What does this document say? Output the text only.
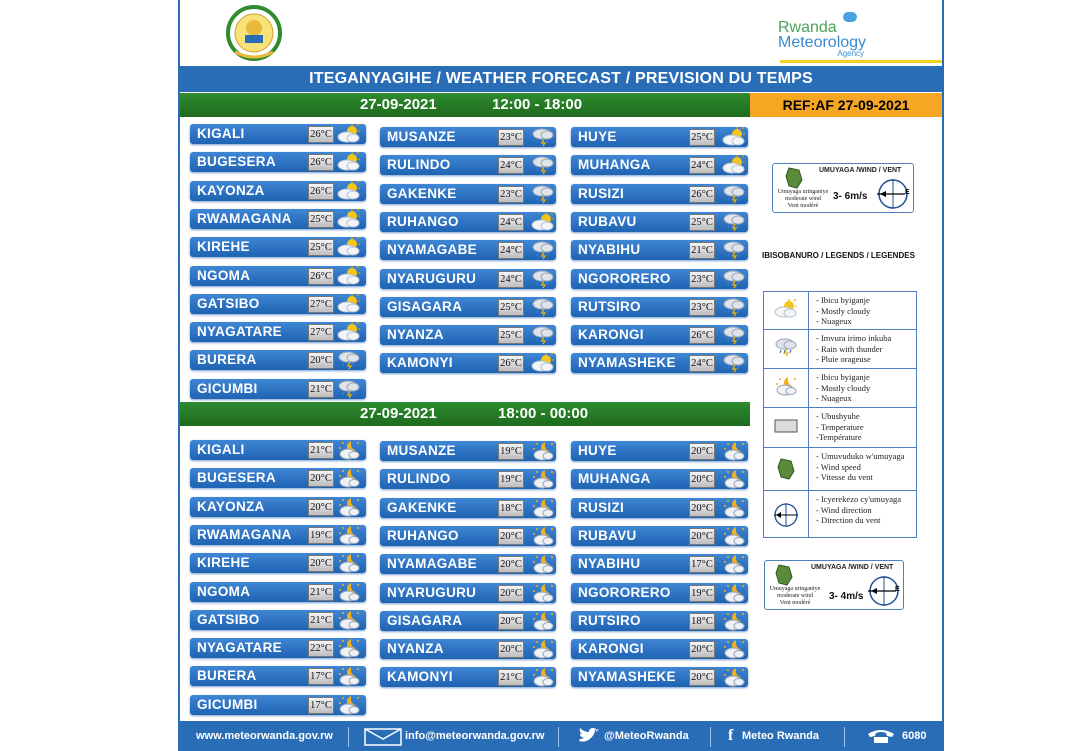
Rwanda
Meteorology
Agency
ITEGANYAGIHE / WEATHER FORECAST / PREVISION DU TEMPS
27-09-2021	12:00 - 18:00	REF:AF 27-09-2021
27-09-2021	18:00 - 00:00
KIGALI	26°C
BUGESERA	26°C
KAYONZA	26°C
RWAMAGANA 25°C
KIREHE	25°C
NGOMA	26°C
GATSIBO	27°C
NYAGATARE	27°C
BURERA	20°C
GICUMBI	21°C
MUSANZE	23°C
RULINDO	24°C
GAKENKE	23°C
RUHANGO	24°C
NYAMAGABE 24°C
NYARUGURU 24°C
GISAGARA	25°C
NYANZA	25°C
KAMONYI	26°C
HUYE	25°C
MUHANGA	24°C
RUSIZI	26°C
RUBAVU	25°C
NYABIHU	21°C
NGORORERO 23°C
RUTSIRO	23°C
KARONGI	26°C
NYAMASHEKE 24°C
KIGALI	21°C
BUGESERA	20°C
KAYONZA	20°C
RWAMAGANA 19°C
KIREHE	20°C
NGOMA	21°C
GATSIBO	21°C
NYAGATARE	22°C
BURERA	17°C
GICUMBI	17°C
MUSANZE	19°C
RULINDO	19°C
GAKENKE	18°C
RUHANGO	20°C
NYAMAGABE 20°C
NYARUGURU 20°C
GISAGARA	20°C
NYANZA	20°C
KAMONYI	21°C
HUYE	20°C
MUHANGA	20°C
RUSIZI	20°C
RUBAVU	20°C
NYABIHU	17°C
NGORORERO 19°C
RUTSIRO	18°C
KARONGI	20°C
NYAMASHEKE 20°C
UMUYAGA /WIND / VENT
Umuyaga uringaniye
moderate wind
Vent modéré
3- 6m/s	E
IBISOBANURO / LEGENDS / LEGENDES
- Ibicu byiganje
- Mostly cloudy
- Nuageux
- Imvura irimo inkuba
- Rain with thunder
- Pluie orageuse
- Ibicu byiganje
- Mostly cloudy
- Nuageux
- Ubushyuhe
- Temperature
-Température
- Umuvuduko w'umuyaga
- Wind speed
- Vitesse du vent
- Icyerekezo cy'umuyaga
- Wind direction
- Direction du vent
UMUYAGA /WIND / VENT
Umuyaga uringaniye
moderate wind
Vent modéré
3- 4m/s
E
www.meteorwanda.gov.rw	info@meteorwanda.gov.rw	@MeteoRwanda f Meteo Rwanda	6080
